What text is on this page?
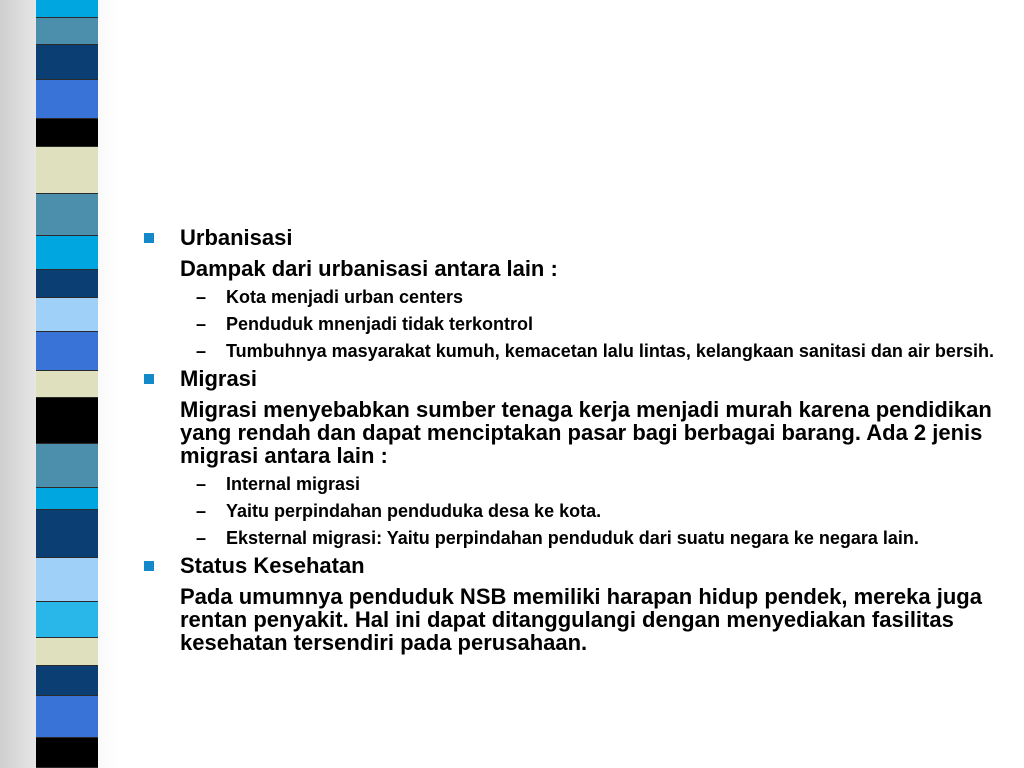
Urbanisasi
Dampak dari urbanisasi antara lain :
–	Kota menjadi urban centers
–	Penduduk mnenjadi tidak terkontrol
–	Tumbuhnya masyarakat kumuh, kemacetan lalu lintas, kelangkaan sanitasi dan air bersih.
Migrasi
Migrasi menyebabkan sumber tenaga kerja menjadi murah karena pendidikan yang rendah dan dapat menciptakan pasar bagi berbagai barang. Ada 2 jenis migrasi antara lain :
–	Internal migrasi
–	Yaitu perpindahan penduduka desa ke kota.
–	Eksternal migrasi: Yaitu perpindahan penduduk dari suatu negara ke negara lain.
Status Kesehatan
Pada umumnya penduduk NSB memiliki harapan hidup pendek, mereka juga rentan penyakit. Hal ini dapat ditanggulangi dengan menyediakan fasilitas kesehatan tersendiri pada perusahaan.
